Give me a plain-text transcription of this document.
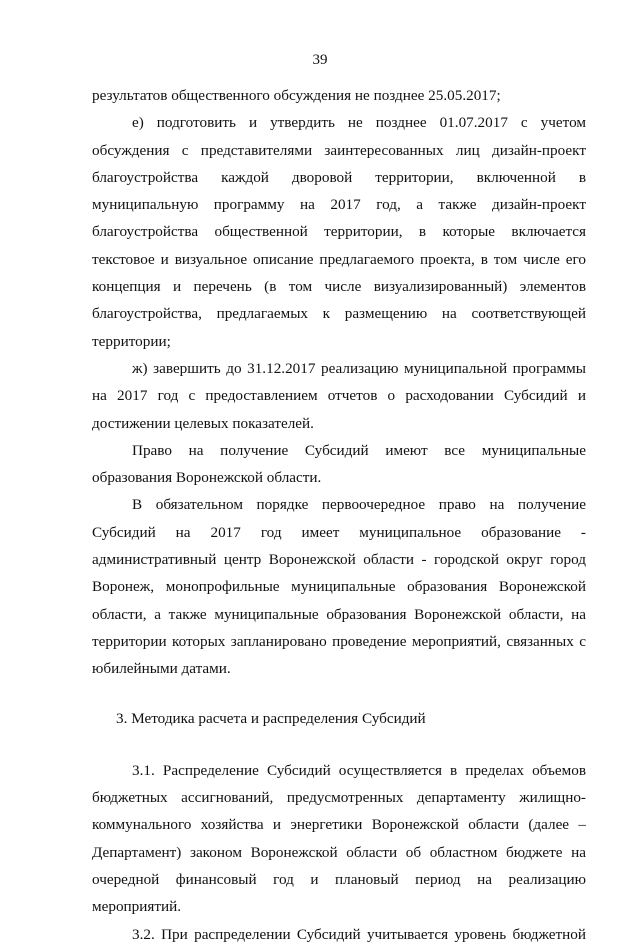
39

результатов общественного обсуждения не позднее 25.05.2017;

е) подготовить и утвердить не позднее 01.07.2017 с учетом обсуждения с представителями заинтересованных лиц дизайн-проект благоустройства каждой дворовой территории, включенной в муниципальную программу на 2017 год, а также дизайн-проект благоустройства общественной территории, в которые включается текстовое и визуальное описание предлагаемого проекта, в том числе его концепция и перечень (в том числе визуализированный) элементов благоустройства, предлагаемых к размещению на соответствующей территории;

ж) завершить до 31.12.2017 реализацию муниципальной программы на 2017 год с предоставлением отчетов о расходовании Субсидий и достижении целевых показателей.

Право на получение Субсидий имеют все муниципальные образования Воронежской области.

В обязательном порядке первоочередное право на получение Субсидий на 2017 год имеет муниципальное образование - административный центр Воронежской области - городской округ город Воронеж, монопрофильные муниципальные образования Воронежской области, а также муниципальные образования Воронежской области, на территории которых запланировано проведение мероприятий, связанных с юбилейными датами.

3. Методика расчета и распределения Субсидий

3.1. Распределение Субсидий осуществляется в пределах объемов бюджетных ассигнований, предусмотренных департаменту жилищно-коммунального хозяйства и энергетики Воронежской области (далее – Департамент) законом Воронежской области об областном бюджете на очередной финансовый год и плановый период на реализацию мероприятий.

3.2. При распределении Субсидий учитывается уровень бюджетной
